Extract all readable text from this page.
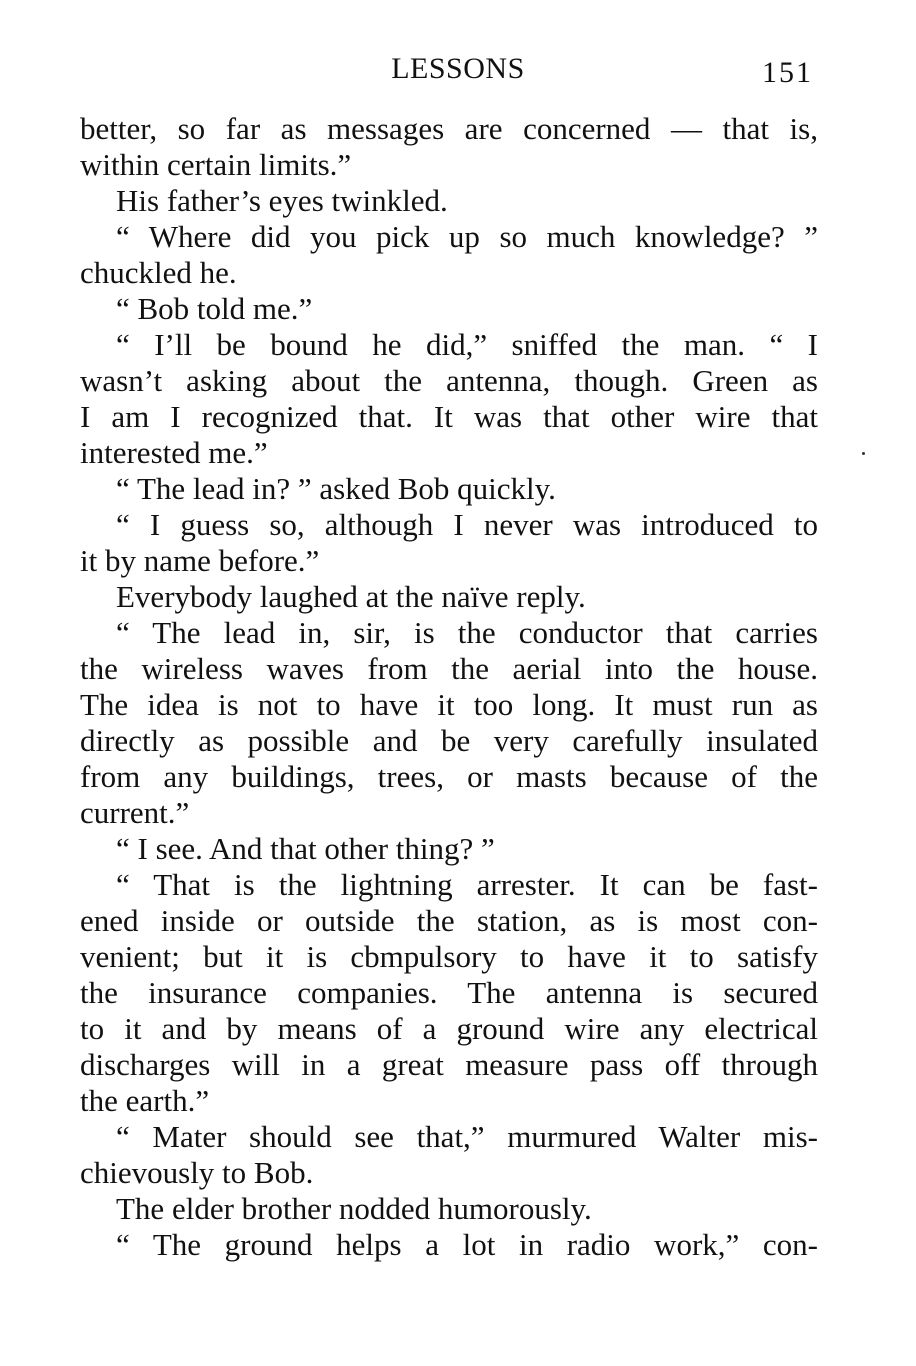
LESSONS	151
better, so far as messages are concerned — that is,
within certain limits.”
His father’s eyes twinkled.
“ Where did you pick up so much knowledge? ”
chuckled he.
“ Bob told me.”
“ I’ll be bound he did,” sniffed the man. “ I
wasn’t asking about the antenna, though. Green as
I am I recognized that. It was that other wire that
interested me.”
“ The lead in? ” asked Bob quickly.
“ I guess so, although I never was introduced to
it by name before.”
Everybody laughed at the naïve reply.
“ The lead in, sir, is the conductor that carries
the wireless waves from the aerial into the house.
The idea is not to have it too long. It must run as
directly as possible and be very carefully insulated
from any buildings, trees, or masts because of the
current.”
“ I see. And that other thing? ”
“ That is the lightning arrester. It can be fast-
ened inside or outside the station, as is most con-
venient; but it is cbmpulsory to have it to satisfy
the insurance companies. The antenna is secured
to it and by means of a ground wire any electrical
discharges will in a great measure pass off through
the earth.”
“ Mater should see that,” murmured Walter mis-
chievously to Bob.
The elder brother nodded humorously.
“ The ground helps a lot in radio work,” con-
